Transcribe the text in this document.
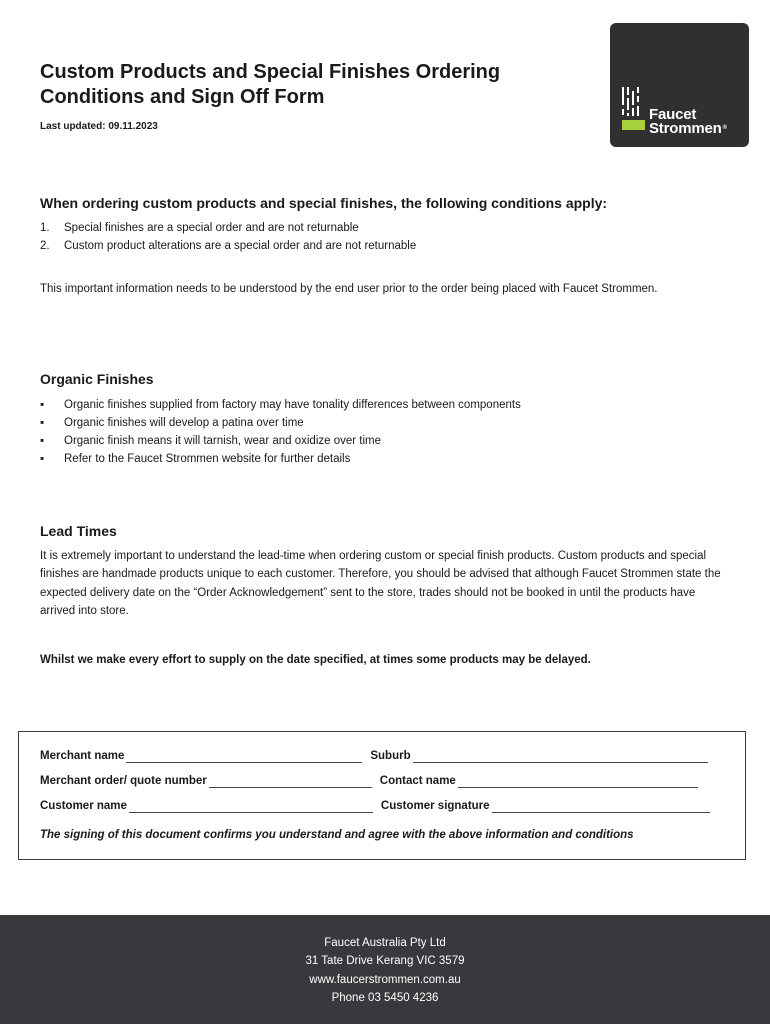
Custom Products and Special Finishes Ordering Conditions and Sign Off Form
Last updated: 09.11.2023
Faucet
Strommen®
When ordering custom products and special finishes, the following conditions apply:
1. Special finishes are a special order and are not returnable
2. Custom product alterations are a special order and are not returnable

This important information needs to be understood by the end user prior to the order being placed with Faucet Strommen.

Organic Finishes
▪ Organic finishes supplied from factory may have tonality differences between components
▪ Organic finishes will develop a patina over time
▪ Organic finish means it will tarnish, wear and oxidize over time
▪ Refer to the Faucet Strommen website for further details
Lead Times

It is extremely important to understand the lead-time when ordering custom or special finish products. Custom products and special finishes are handmade products unique to each customer. Therefore, you should be advised that although Faucet Strommen state the expected delivery date on the “Order Acknowledgement” sent to the store, trades should not be booked in until the products have arrived into store.

Whilst we make every effort to supply on the date specified, at times some products may be delayed.

Merchant name	Suburb
Merchant order/ quote number	Contact name
Customer name	Customer signature
The signing of this document confirms you understand and agree with the above information and conditions
Faucet Australia Pty Ltd
31 Tate Drive Kerang VIC 3579
www.faucerstrommen.com.au
Phone 03 5450 4236
